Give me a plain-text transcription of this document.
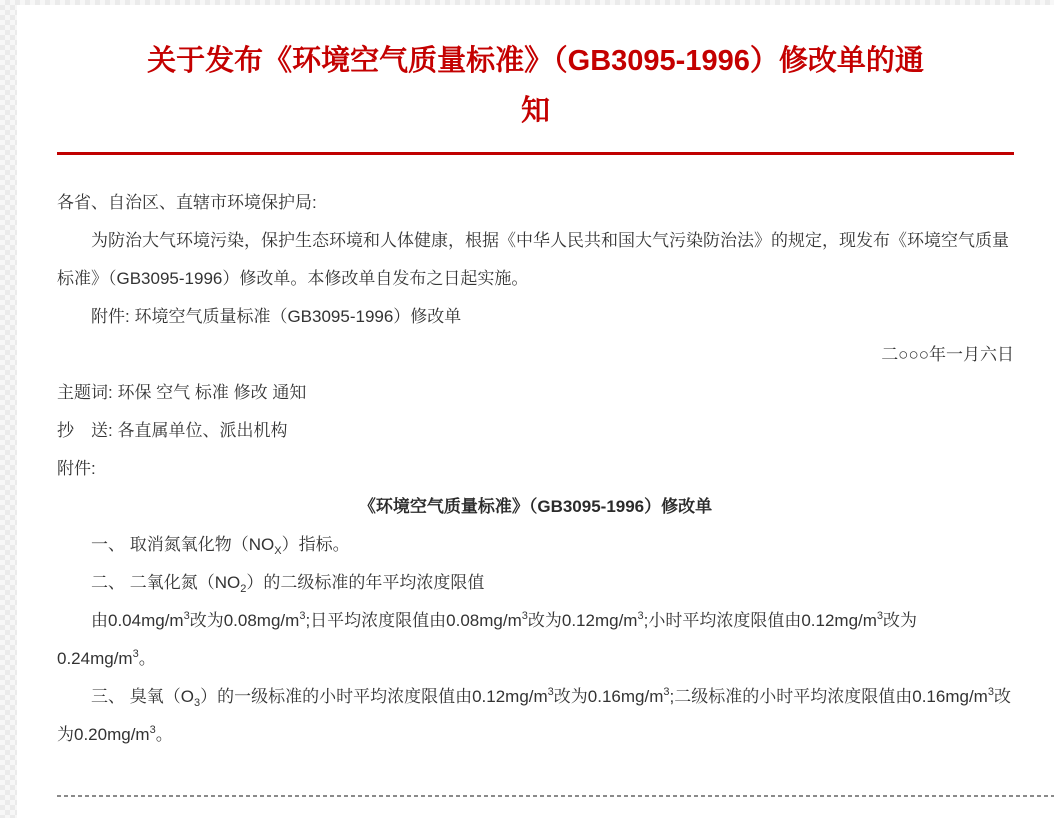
关于发布《环境空气质量标准》（GB3095-1996）修改单的通
知

各省、自治区、直辖市环境保护局:

为防治大气环境污染，保护生态环境和人体健康，根据《中华人民共和国大气污染防治法》的规定，现发布《环境空气质量标准》（GB3095-1996）修改单。本修改单自发布之日起实施。

附件: 环境空气质量标准（GB3095-1996）修改单

二○○○年一月六日

主题词: 环保 空气 标准 修改 通知

抄　送: 各直属单位、派出机构

附件:

《环境空气质量标准》（GB3095-1996）修改单

一、 取消氮氧化物$(NO_X)$指标。

二、 二氧化氮$(NO_2)$的二级标准的年平均浓度限值

由$0.04mg/m^3$改为$0.08mg/m^3$;日平均浓度限值由$0.08mg/m^3$改为$0.12mg/m^3$;小时平均浓度限值由$0.12mg/m^3$改为$0.24mg/m^3$。

三、 臭氧$(O_3)$的一级标准的小时平均浓度限值由$0.12mg/m^3$改为$0.16mg/m^3$;二级标准的小时平均浓度限值由$0.16mg/m^3$改为$0.20mg/m^3$。
